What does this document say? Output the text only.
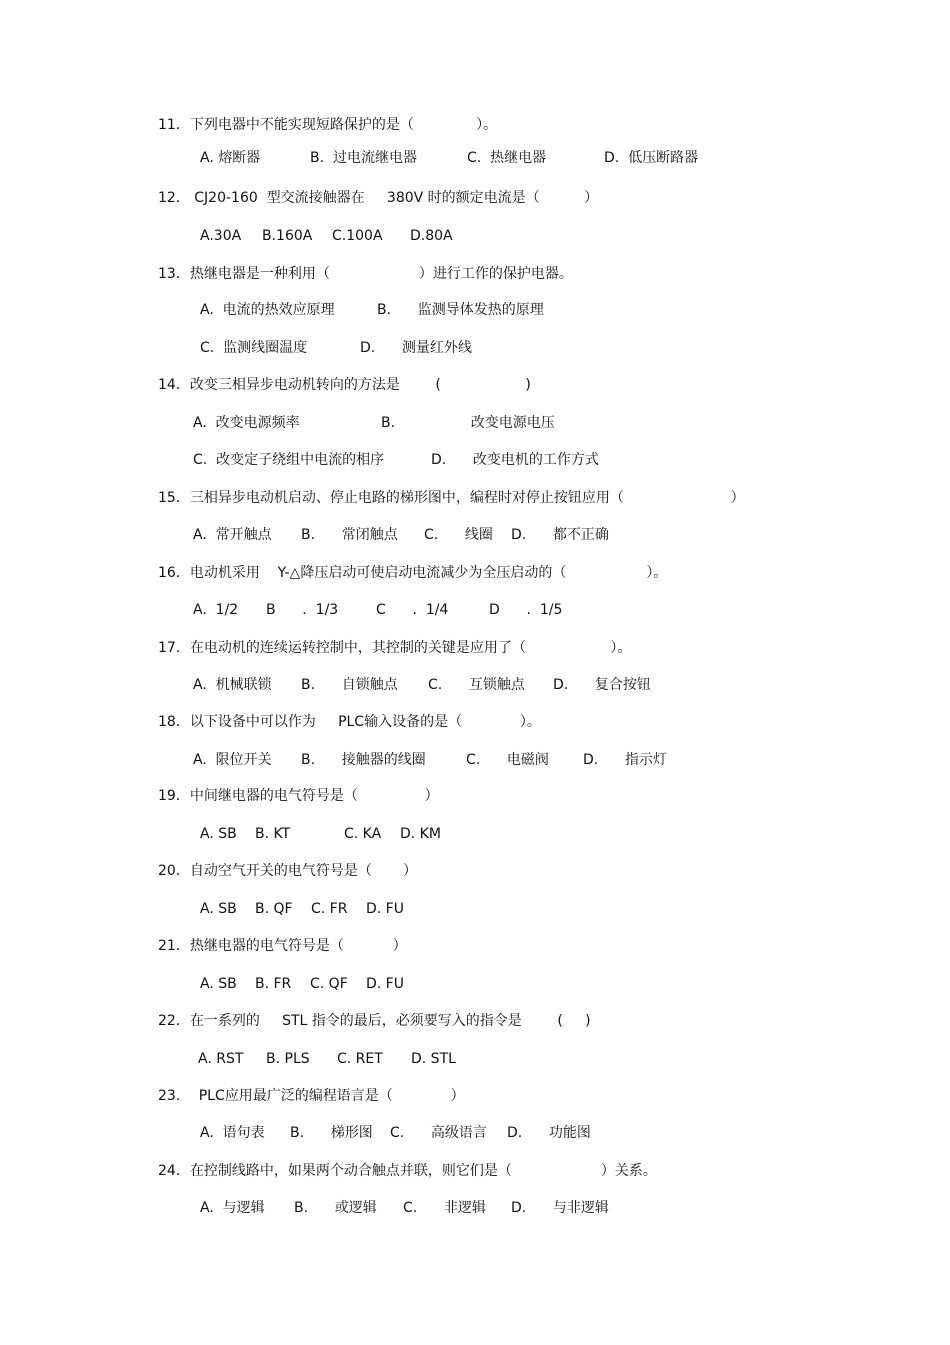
11．下列电器中不能实现短路保护的是（              ）。
A. 熔断器	B.  过电流继电器	C.  热继电器	D.  低压断路器
12． CJ20-160  型交流接触器在     380V 时的额定电流是（          ）
A.30A B.160A C.100A D.80A
13．热继电器是一种利用（                    ）进行工作的保护电器。
A.  电流的热效应原理	B.      监测导体发热的原理
C.  监测线圈温度	D.      测量红外线
14．改变三相异步电动机转向的方法是        (                   )
A.  改变电源频率	B.                 改变电源电压
C.  改变定子绕组中电流的相序	D.      改变电机的工作方式
15．三相异步电动机启动、停止电路的梯形图中，编程时对停止按钮应用（                        ）
A.  常开触点 B.      常闭触点 C.      线圈 D.      都不正确
16．电动机采用    Y-△降压启动可使启动电流减少为全压启动的（                  ）。
A.  1/2 B      .  1/3	C      .  1/4	D      .  1/5
17．在电动机的连续运转控制中，其控制的关键是应用了（                   ）。
A.  机械联锁 B.      自锁触点 C.      互锁触点 D.      复合按钮
18．以下设备中可以作为     PLC输入设备的是（             ）。
A.  限位开关 B.      接触器的线圈	C.      电磁阀 D.      指示灯
19．中间继电器的电气符号是（               ）
A. SB B. KT	C. KA D. KM
20．自动空气开关的电气符号是（       ）
A. SB B. QF C. FR D. FU
21．热继电器的电气符号是（           ）
A. SB B. FR C. QF D. FU
22．在一系列的     STL 指令的最后，必须要写入的指令是        (     )
A. RST B. PLS C. RET D. STL
23．  PLC应用最广泛的编程语言是（             ）
A.  语句表 B.      梯形图 C.      高级语言 D.      功能图
24．在控制线路中，如果两个动合触点并联，则它们是（                    ）关系。
A.  与逻辑 B.      或逻辑 C.      非逻辑 D.      与非逻辑
